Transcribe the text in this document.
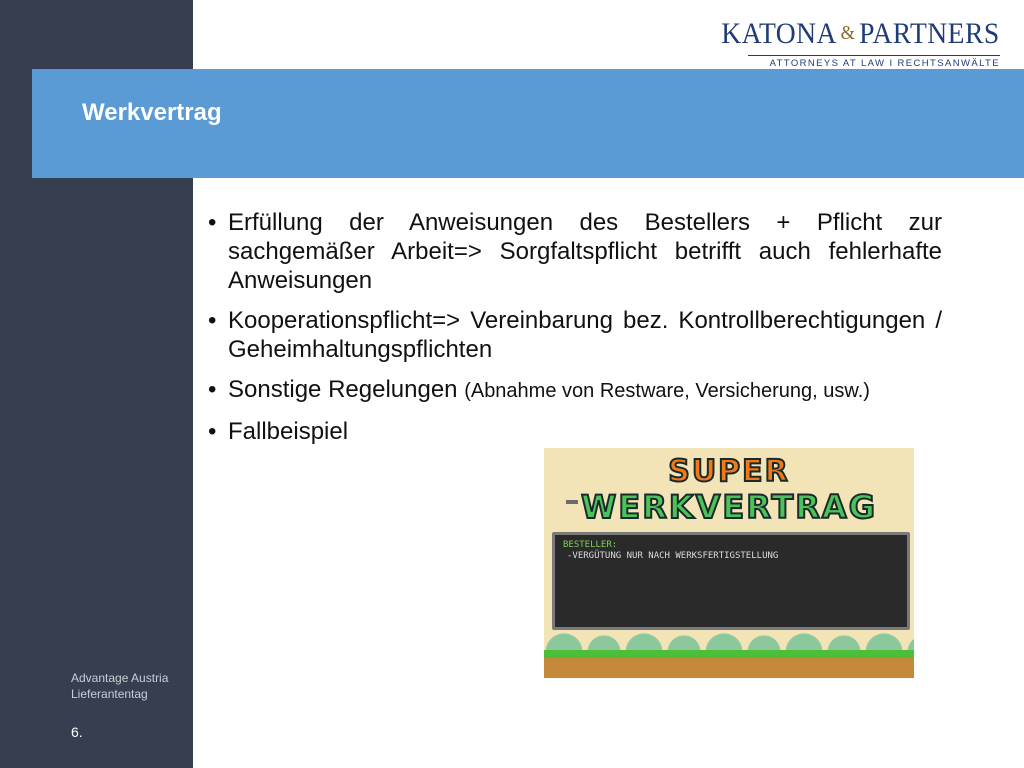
Advantage Austria
Lieferantentag
6.
KATONA & PARTNERS
ATTORNEYS AT LAW I RECHTSANWÄLTE
Werkvertrag
• Erfüllung der Anweisungen des Bestellers + Pflicht zur sachgemäßer Arbeit=> Sorgfaltspflicht betrifft auch fehlerhafte Anweisungen
• Kooperationspflicht=> Vereinbarung bez. Kontrollberechtigungen / Geheimhaltungspflichten
• Sonstige Regelungen (Abnahme von Restware, Versicherung, usw.)
• Fallbeispiel
SUPER
WERKVERTRAG
BESTELLER:
-VERGÜTUNG NUR NACH WERKSFERTIGSTELLUNG
